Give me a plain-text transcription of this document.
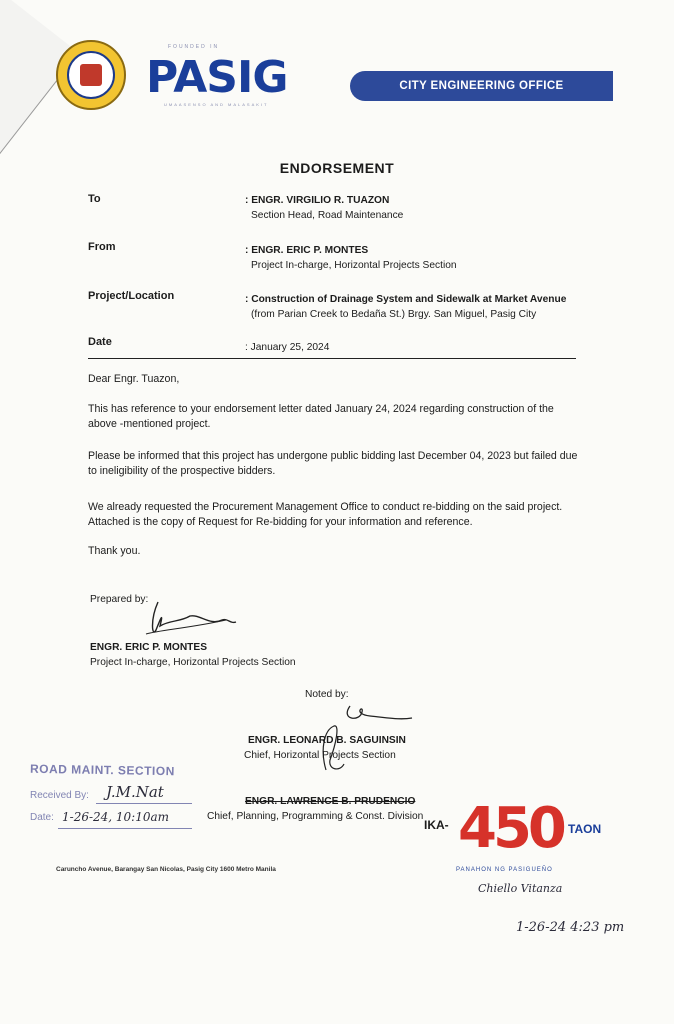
FOUNDED IN
PASIG
UMAASENSO AND MALASAKIT
CITY ENGINEERING OFFICE
ENDORSEMENT
To	: ENGR. VIRGILIO R. TUAZON
Section Head, Road Maintenance
From	: ENGR. ERIC P. MONTES
Project In-charge, Horizontal Projects Section
Project/Location	: Construction of Drainage System and Sidewalk at Market Avenue
(from Parian Creek to Bedaña St.) Brgy. San Miguel, Pasig City
Date	: January 25, 2024
Dear Engr. Tuazon,
This has reference to your endorsement letter dated January 24, 2024 regarding construction of the above -mentioned project.
Please be informed that this project has undergone public bidding last December 04, 2023 but failed due to ineligibility of the prospective bidders.
We already requested the Procurement Management Office to conduct re-bidding on the said project. Attached is the copy of Request for Re-bidding for your information and reference.
Thank you.
Prepared by:
ENGR. ERIC P. MONTES
Project In-charge, Horizontal Projects Section
Noted by:
ENGR. LEONARD B. SAGUINSIN
Chief, Horizontal Projects Section
ENGR. LAWRENCE B. PRUDENCIO
Chief, Planning, Programming & Const. Division
ROAD MAINT. SECTION
Received By: J.M.Nat
Date: 1-26-24, 10:10am
IKA- 450 TAON
PANAHON NG PASIGUEÑO
Chiello Vitanza
1-26-24 4:23 pm
Caruncho Avenue, Barangay San Nicolas, Pasig City 1600 Metro Manila
